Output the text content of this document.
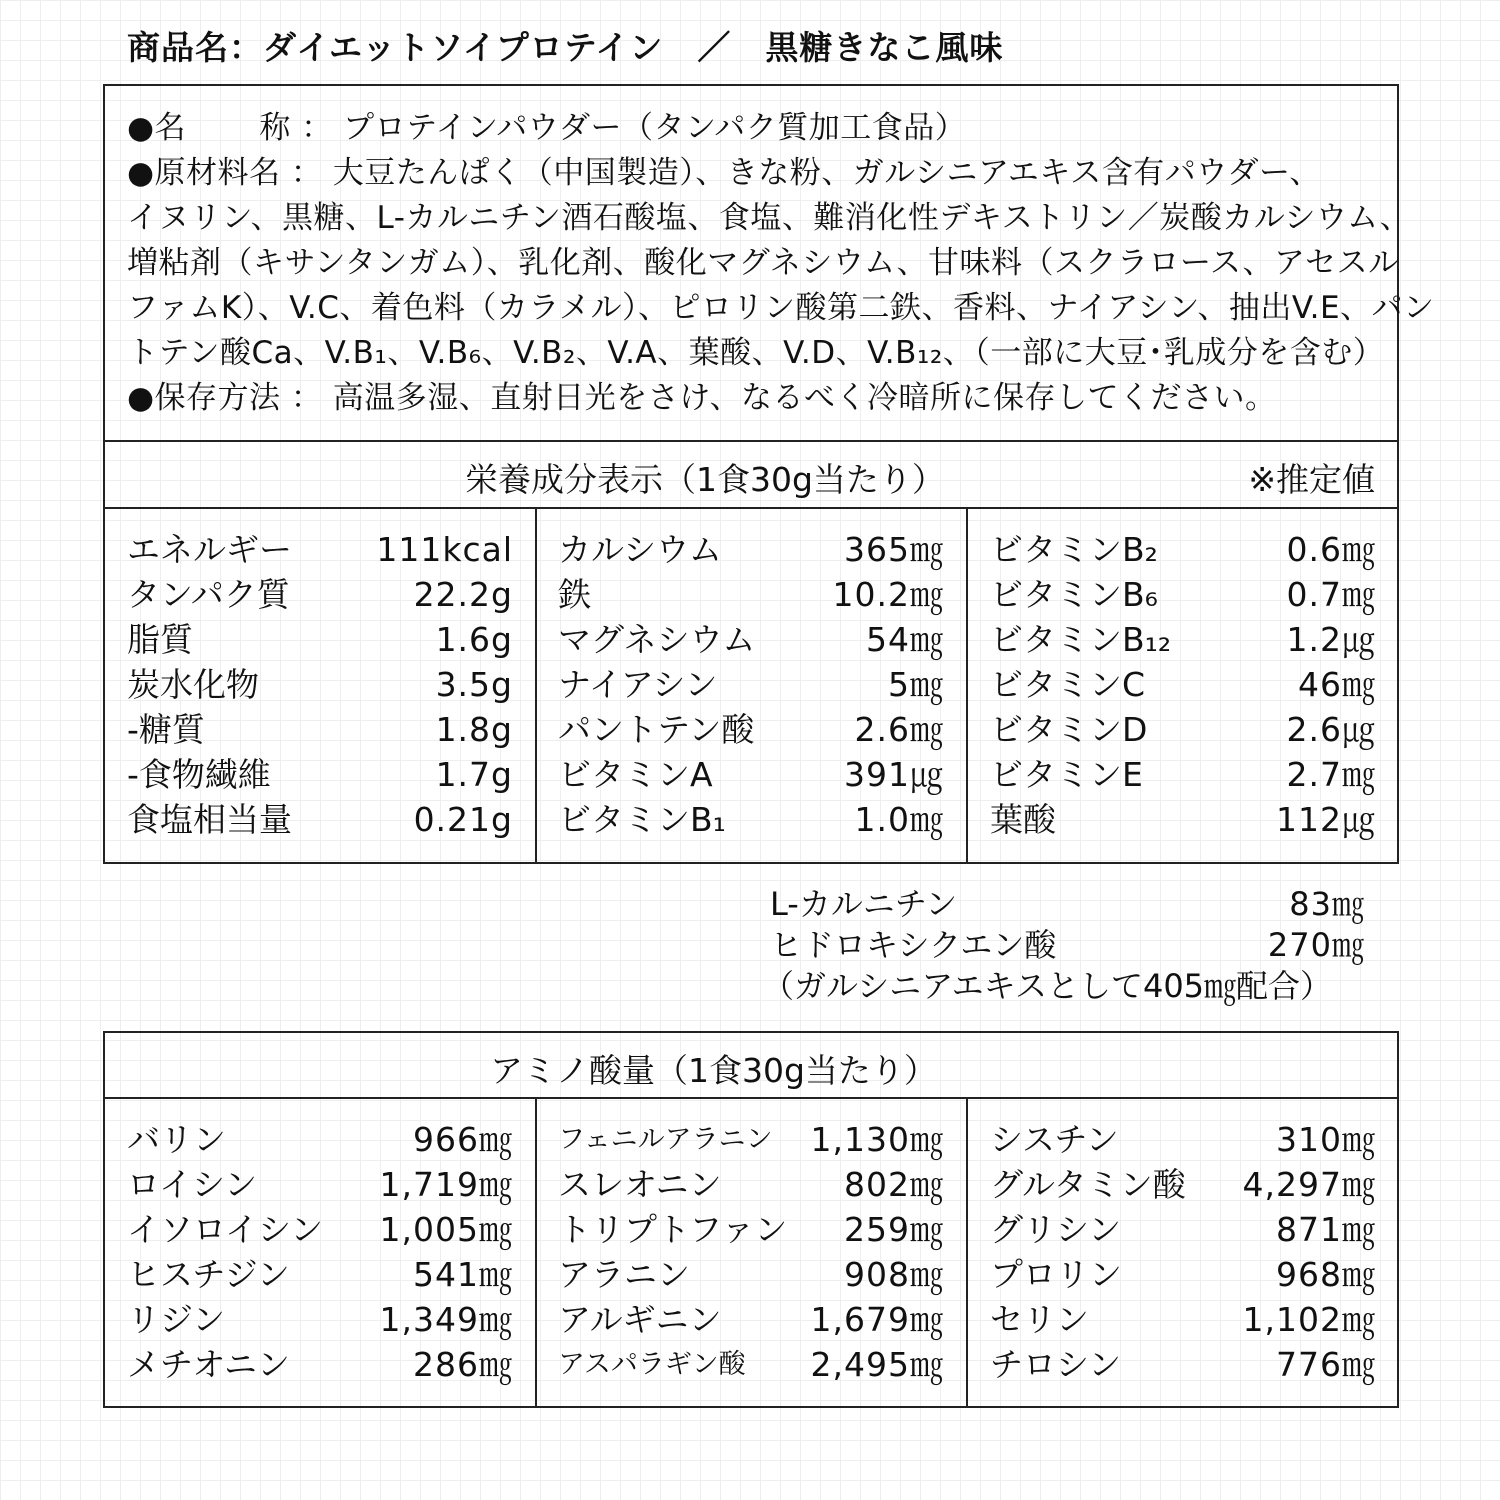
商品名：ダイエットソイプロテイン　／　黒糖きなこ風味
●名　　 称 ： プロテインパウダー（タンパク質加工食品）
●原材料名 ： 大豆たんぱく（中国製造）、きな粉、ガルシニアエキス含有パウダー、
イヌリン、黒糖、L-カルニチン酒石酸塩、食塩、難消化性デキストリン／炭酸カルシウム、
増粘剤（キサンタンガム）、乳化剤、酸化マグネシウム、甘味料（スクラロース、アセスル
ファムK）、V.C、着色料（カラメル）、ピロリン酸第二鉄、香料、ナイアシン、抽出V.E、パン
トテン酸Ca、V.B₁、V.B₆、V.B₂、V.A、葉酸、V.D、V.B₁₂、（一部に大豆･乳成分を含む）
●保存方法 ： 高温多湿、直射日光をさけ、なるべく冷暗所に保存してください。
栄養成分表示（1食30g当たり）	※推定値
エネルギー	111kcal
タンパク質	22.2g
脂質	1.6g
炭水化物	3.5g
-糖質	1.8g
-食物繊維	1.7g
食塩相当量	0.21g
カルシウム	365㎎
鉄	10.2㎎
マグネシウム	54㎎
ナイアシン	5㎎
パントテン酸	2.6㎎
ビタミンA	391㎍
ビタミンB₁	1.0㎎
ビタミンB₂	0.6㎎
ビタミンB₆	0.7㎎
ビタミンB₁₂	1.2㎍
ビタミンC	46㎎
ビタミンD	2.6㎍
ビタミンE	2.7㎎
葉酸	112㎍
L-カルニチン	83㎎
ヒドロキシクエン酸	270㎎
（ガルシニアエキスとして405㎎配合）
アミノ酸量（1食30g当たり）
バリン	966㎎
ロイシン	1,719㎎
イソロイシン 1,005㎎
ヒスチジン	541㎎
リジン	1,349㎎
メチオニン	286㎎
フェニルアラニン 1,130㎎
スレオニン	802㎎
トリプトファン 259㎎
アラニン	908㎎
アルギニン	1,679㎎
アスパラギン酸 2,495㎎
シスチン	310㎎
グルタミン酸 4,297㎎
グリシン	871㎎
プロリン	968㎎
セリン	1,102㎎
チロシン	776㎎
